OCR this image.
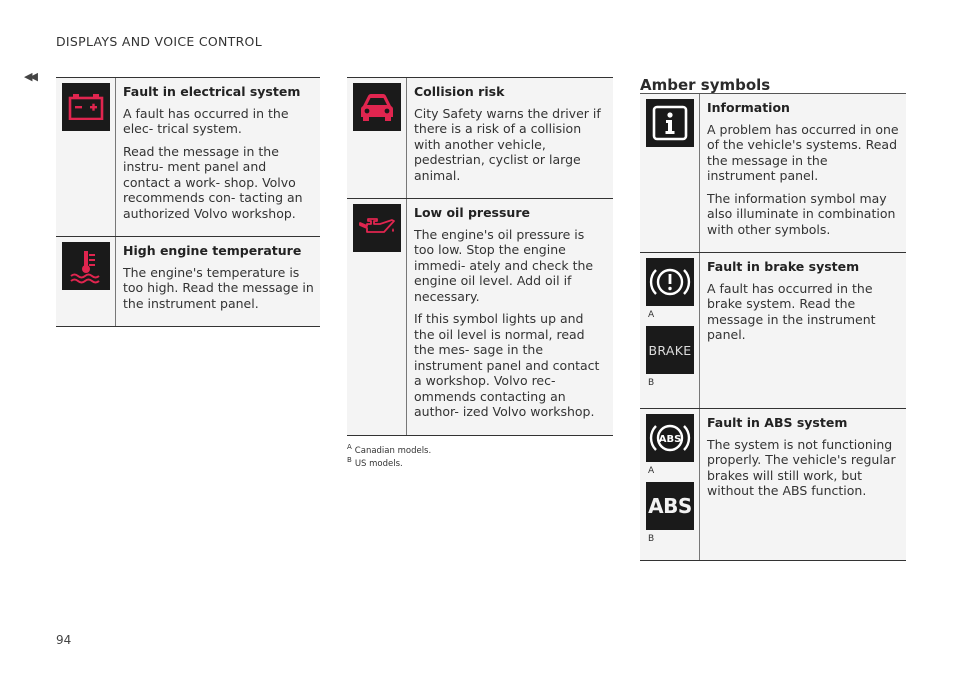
DISPLAYS AND VOICE CONTROL
◀◀
Fault in electrical system
A fault has occurred in the elec- trical system.
Read the message in the instru- ment panel and contact a work- shop. Volvo recommends con- tacting an authorized Volvo workshop.
High engine temperature
The engine's temperature is too high. Read the message in the instrument panel.
Collision risk
City Safety warns the driver if there is a risk of a collision with another vehicle, pedestrian, cyclist or large animal.
Low oil pressure
The engine's oil pressure is too low. Stop the engine immedi- ately and check the engine oil level. Add oil if necessary.
If this symbol lights up and the oil level is normal, read the mes- sage in the instrument panel and contact a workshop. Volvo rec- ommends contacting an author- ized Volvo workshop.
$^A$ Canadian models.
$^B$ US models.
Amber symbols
Information
A problem has occurred in one of the vehicle's systems. Read the message in the instrument panel.
The information symbol may also illuminate in combination with other symbols.
A
BRAKE
B
Fault in brake system
A fault has occurred in the brake system. Read the message in the instrument panel.
ABS
A
ABS
B
Fault in ABS system
The system is not functioning properly. The vehicle's regular brakes will still work, but without the ABS function.
94
